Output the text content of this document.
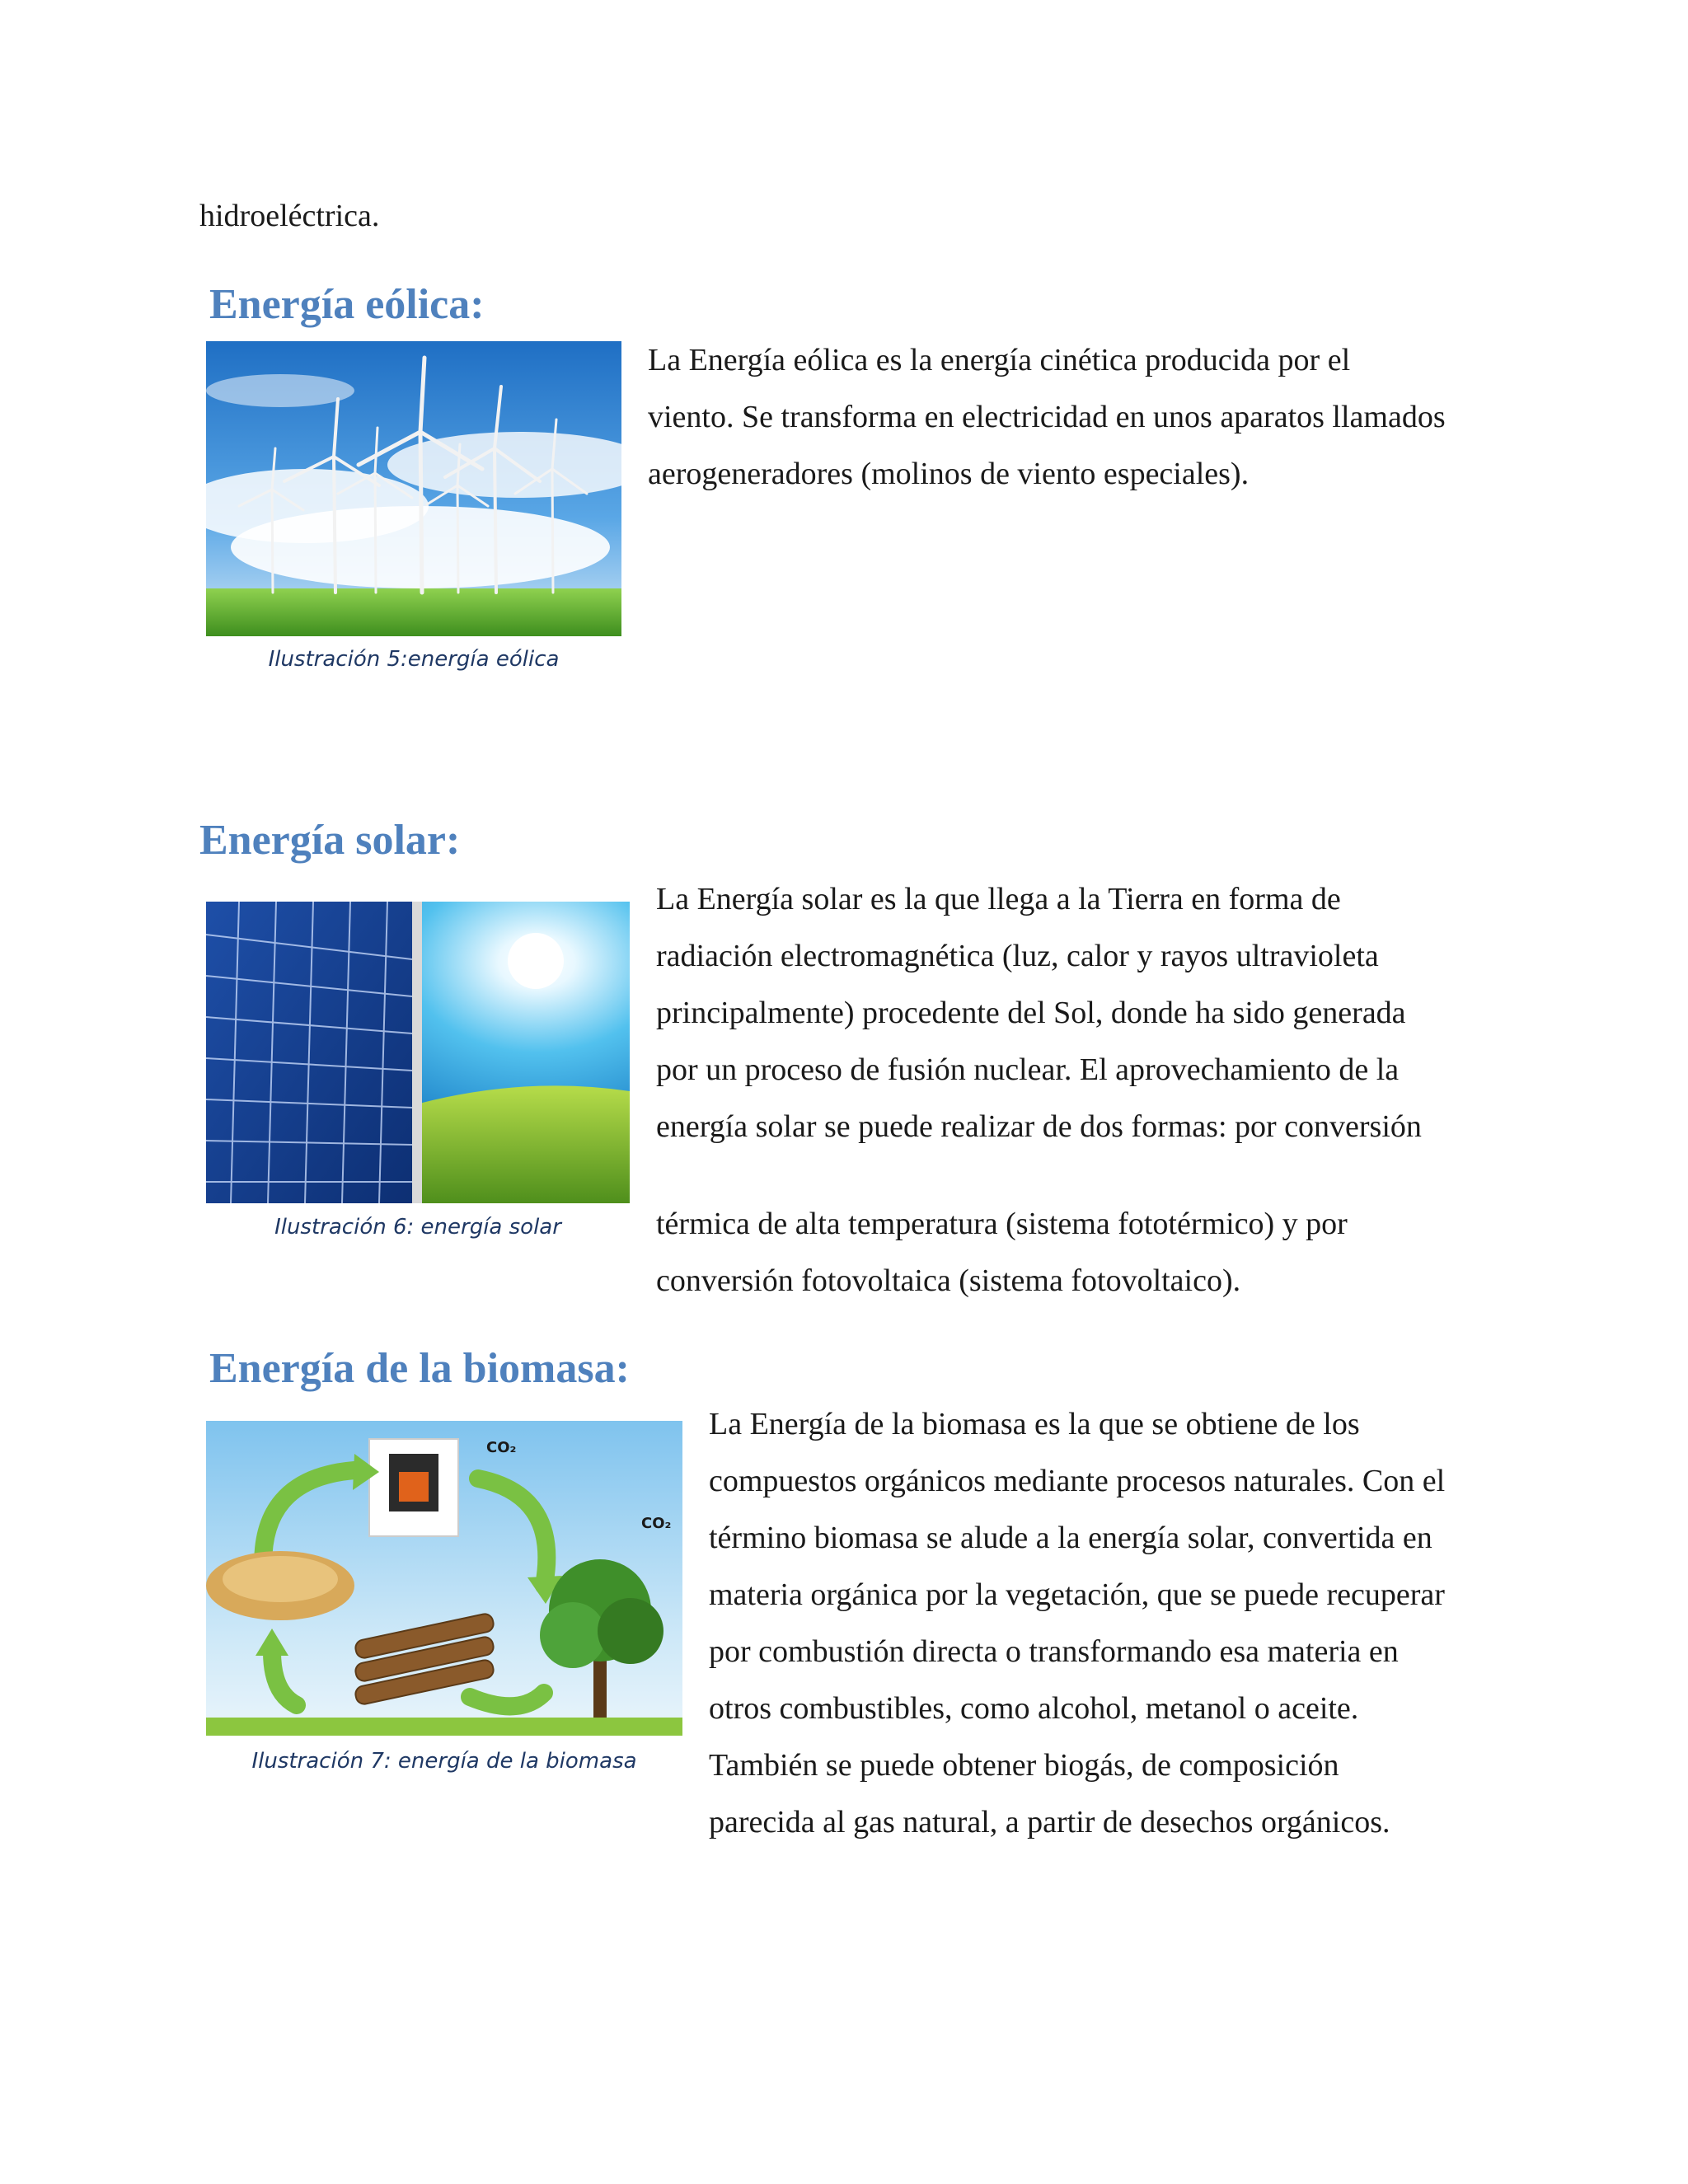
hidroeléctrica.
Energía eólica:
Ilustración 5:energía eólica
La Energía eólica es la energía cinética producida por el
viento. Se transforma en electricidad en unos aparatos llamados
aerogeneradores (molinos de viento especiales).
Energía solar:
Ilustración 6: energía solar
La Energía solar es la que llega a la Tierra en forma de
radiación electromagnética (luz, calor y rayos ultravioleta
principalmente) procedente del Sol, donde ha sido generada
por un proceso de fusión nuclear. El aprovechamiento de la
energía solar se puede realizar de dos formas: por conversión
térmica de alta temperatura (sistema fototérmico) y por
conversión fotovoltaica (sistema fotovoltaico).
Energía de la biomasa:
CO₂
CO₂
Ilustración 7: energía de la biomasa
La Energía de la biomasa es la que se obtiene de los
compuestos orgánicos mediante procesos naturales. Con el
término biomasa se alude a la energía solar, convertida en
materia orgánica por la vegetación, que se puede recuperar
por combustión directa o transformando esa materia en
otros combustibles, como alcohol, metanol o aceite.
También se puede obtener biogás, de composición
parecida al gas natural, a partir de desechos orgánicos.
